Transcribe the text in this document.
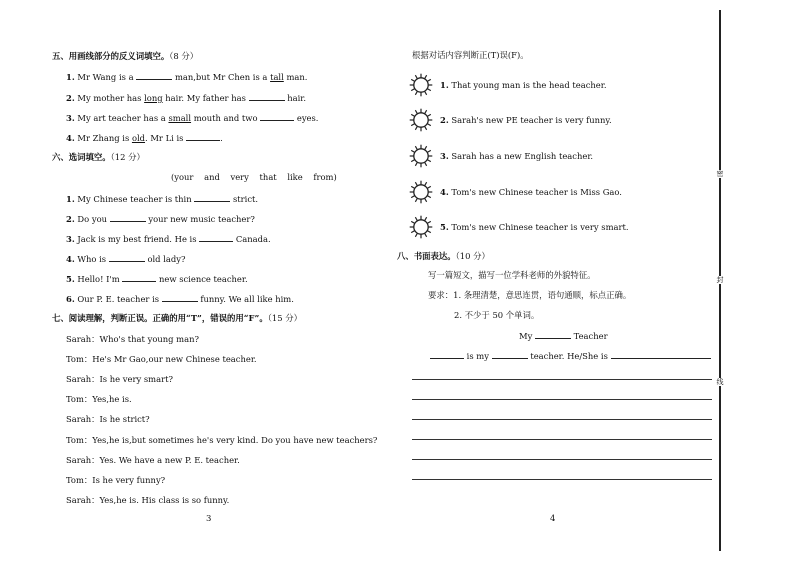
五、用画线部分的反义词填空。（8 分）
1. Mr Wang is a	man,but Mr Chen is a tall man.
2. My mother has long hair. My father has	hair.
3. My art teacher has a small mouth and two	eyes.
4. Mr Zhang is old. Mr Li is	.
六、选词填空。（12 分）
(your    and    very    that    like    from)
1. My Chinese teacher is thin	strict.
2. Do you	your new music teacher?
3. Jack is my best friend. He is	Canada.
4. Who is	old lady?
5. Hello! I'm	new science teacher.
6. Our P. E. teacher is	funny. We all like him.
七、阅读理解，判断正误。正确的用“T”，错误的用“F”。（15 分）
Sarah：Who's that young man?
Tom：He's Mr Gao,our new Chinese teacher.
Sarah：Is he very smart?
Tom：Yes,he is.
Sarah：Is he strict?
Tom：Yes,he is,but sometimes he's very kind. Do you have new teachers?
Sarah：Yes. We have a new P. E. teacher.
Tom：Is he very funny?
Sarah：Yes,he is. His class is so funny.
3
根据对话内容判断正(T)误(F)。
1. That young man is the head teacher.
2. Sarah's new PE teacher is very funny.
3. Sarah has a new English teacher.
4. Tom's new Chinese teacher is Miss Gao.
5. Tom's new Chinese teacher is very smart.
八、书面表达。（10 分）
写一篇短文，描写一位学科老师的外貌特征。
要求：1. 条理清楚，意思连贯，语句通顺，标点正确。
2. 不少于 50 个单词。
My	Teacher
is my	teacher. He/She is
4
密
封
线
